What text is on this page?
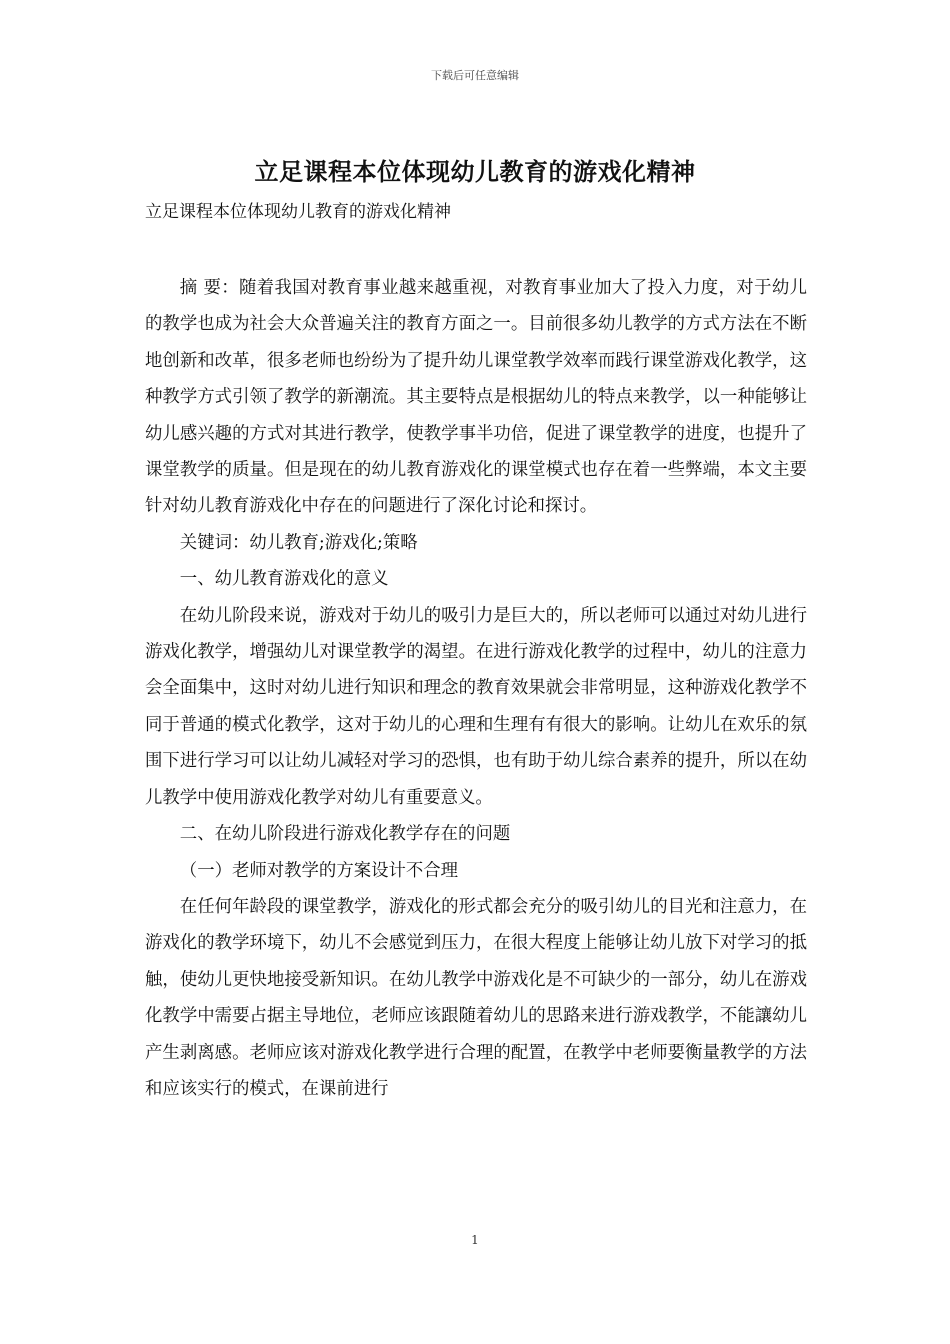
下载后可任意编辑
立足课程本位体现幼儿教育的游戏化精神
立足课程本位体现幼儿教育的游戏化精神

摘 要：随着我国对教育事业越来越重视，对教育事业加大了投入力度，对于幼儿的教学也成为社会大众普遍关注的教育方面之一。目前很多幼儿教学的方式方法在不断地创新和改革，很多老师也纷纷为了提升幼儿课堂教学效率而践行课堂游戏化教学，这种教学方式引领了教学的新潮流。其主要特点是根据幼儿的特点来教学，以一种能够让幼儿感兴趣的方式对其进行教学，使教学事半功倍，促进了课堂教学的进度，也提升了课堂教学的质量。但是现在的幼儿教育游戏化的课堂模式也存在着一些弊端，本文主要针对幼儿教育游戏化中存在的问题进行了深化讨论和探讨。

关键词：幼儿教育;游戏化;策略

一、幼儿教育游戏化的意义

在幼儿阶段来说，游戏对于幼儿的吸引力是巨大的，所以老师可以通过对幼儿进行游戏化教学，增强幼儿对课堂教学的渴望。在进行游戏化教学的过程中，幼儿的注意力会全面集中，这时对幼儿进行知识和理念的教育效果就会非常明显，这种游戏化教学不同于普通的模式化教学，这对于幼儿的心理和生理有有很大的影响。让幼儿在欢乐的氛围下进行学习可以让幼儿减轻对学习的恐惧，也有助于幼儿综合素养的提升，所以在幼儿教学中使用游戏化教学对幼儿有重要意义。

二、在幼儿阶段进行游戏化教学存在的问题

（一）老师对教学的方案设计不合理

在任何年龄段的课堂教学，游戏化的形式都会充分的吸引幼儿的目光和注意力，在游戏化的教学环境下，幼儿不会感觉到压力，在很大程度上能够让幼儿放下对学习的抵触，使幼儿更快地接受新知识。在幼儿教学中游戏化是不可缺少的一部分，幼儿在游戏化教学中需要占据主导地位，老师应该跟随着幼儿的思路来进行游戏教学，不能讓幼儿产生剥离感。老师应该对游戏化教学进行合理的配置，在教学中老师要衡量教学的方法和应该实行的模式，在课前进行

1
